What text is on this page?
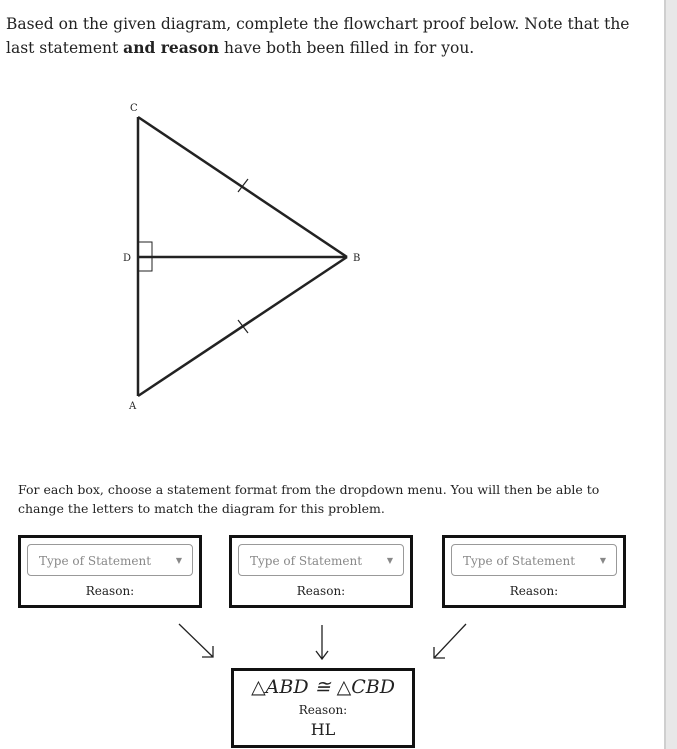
Based on the given diagram, complete the flowchart proof below. Note that the last statement and reason have both been filled in for you.
C
D	B
A
For each box, choose a statement format from the dropdown menu. You will then be able to change the letters to match the diagram for this problem.
Type of Statement	▼
Reason:
Type of Statement	▼
Reason:
Type of Statement	▼
Reason:
△ABD ≅ △CBD
Reason:
HL
